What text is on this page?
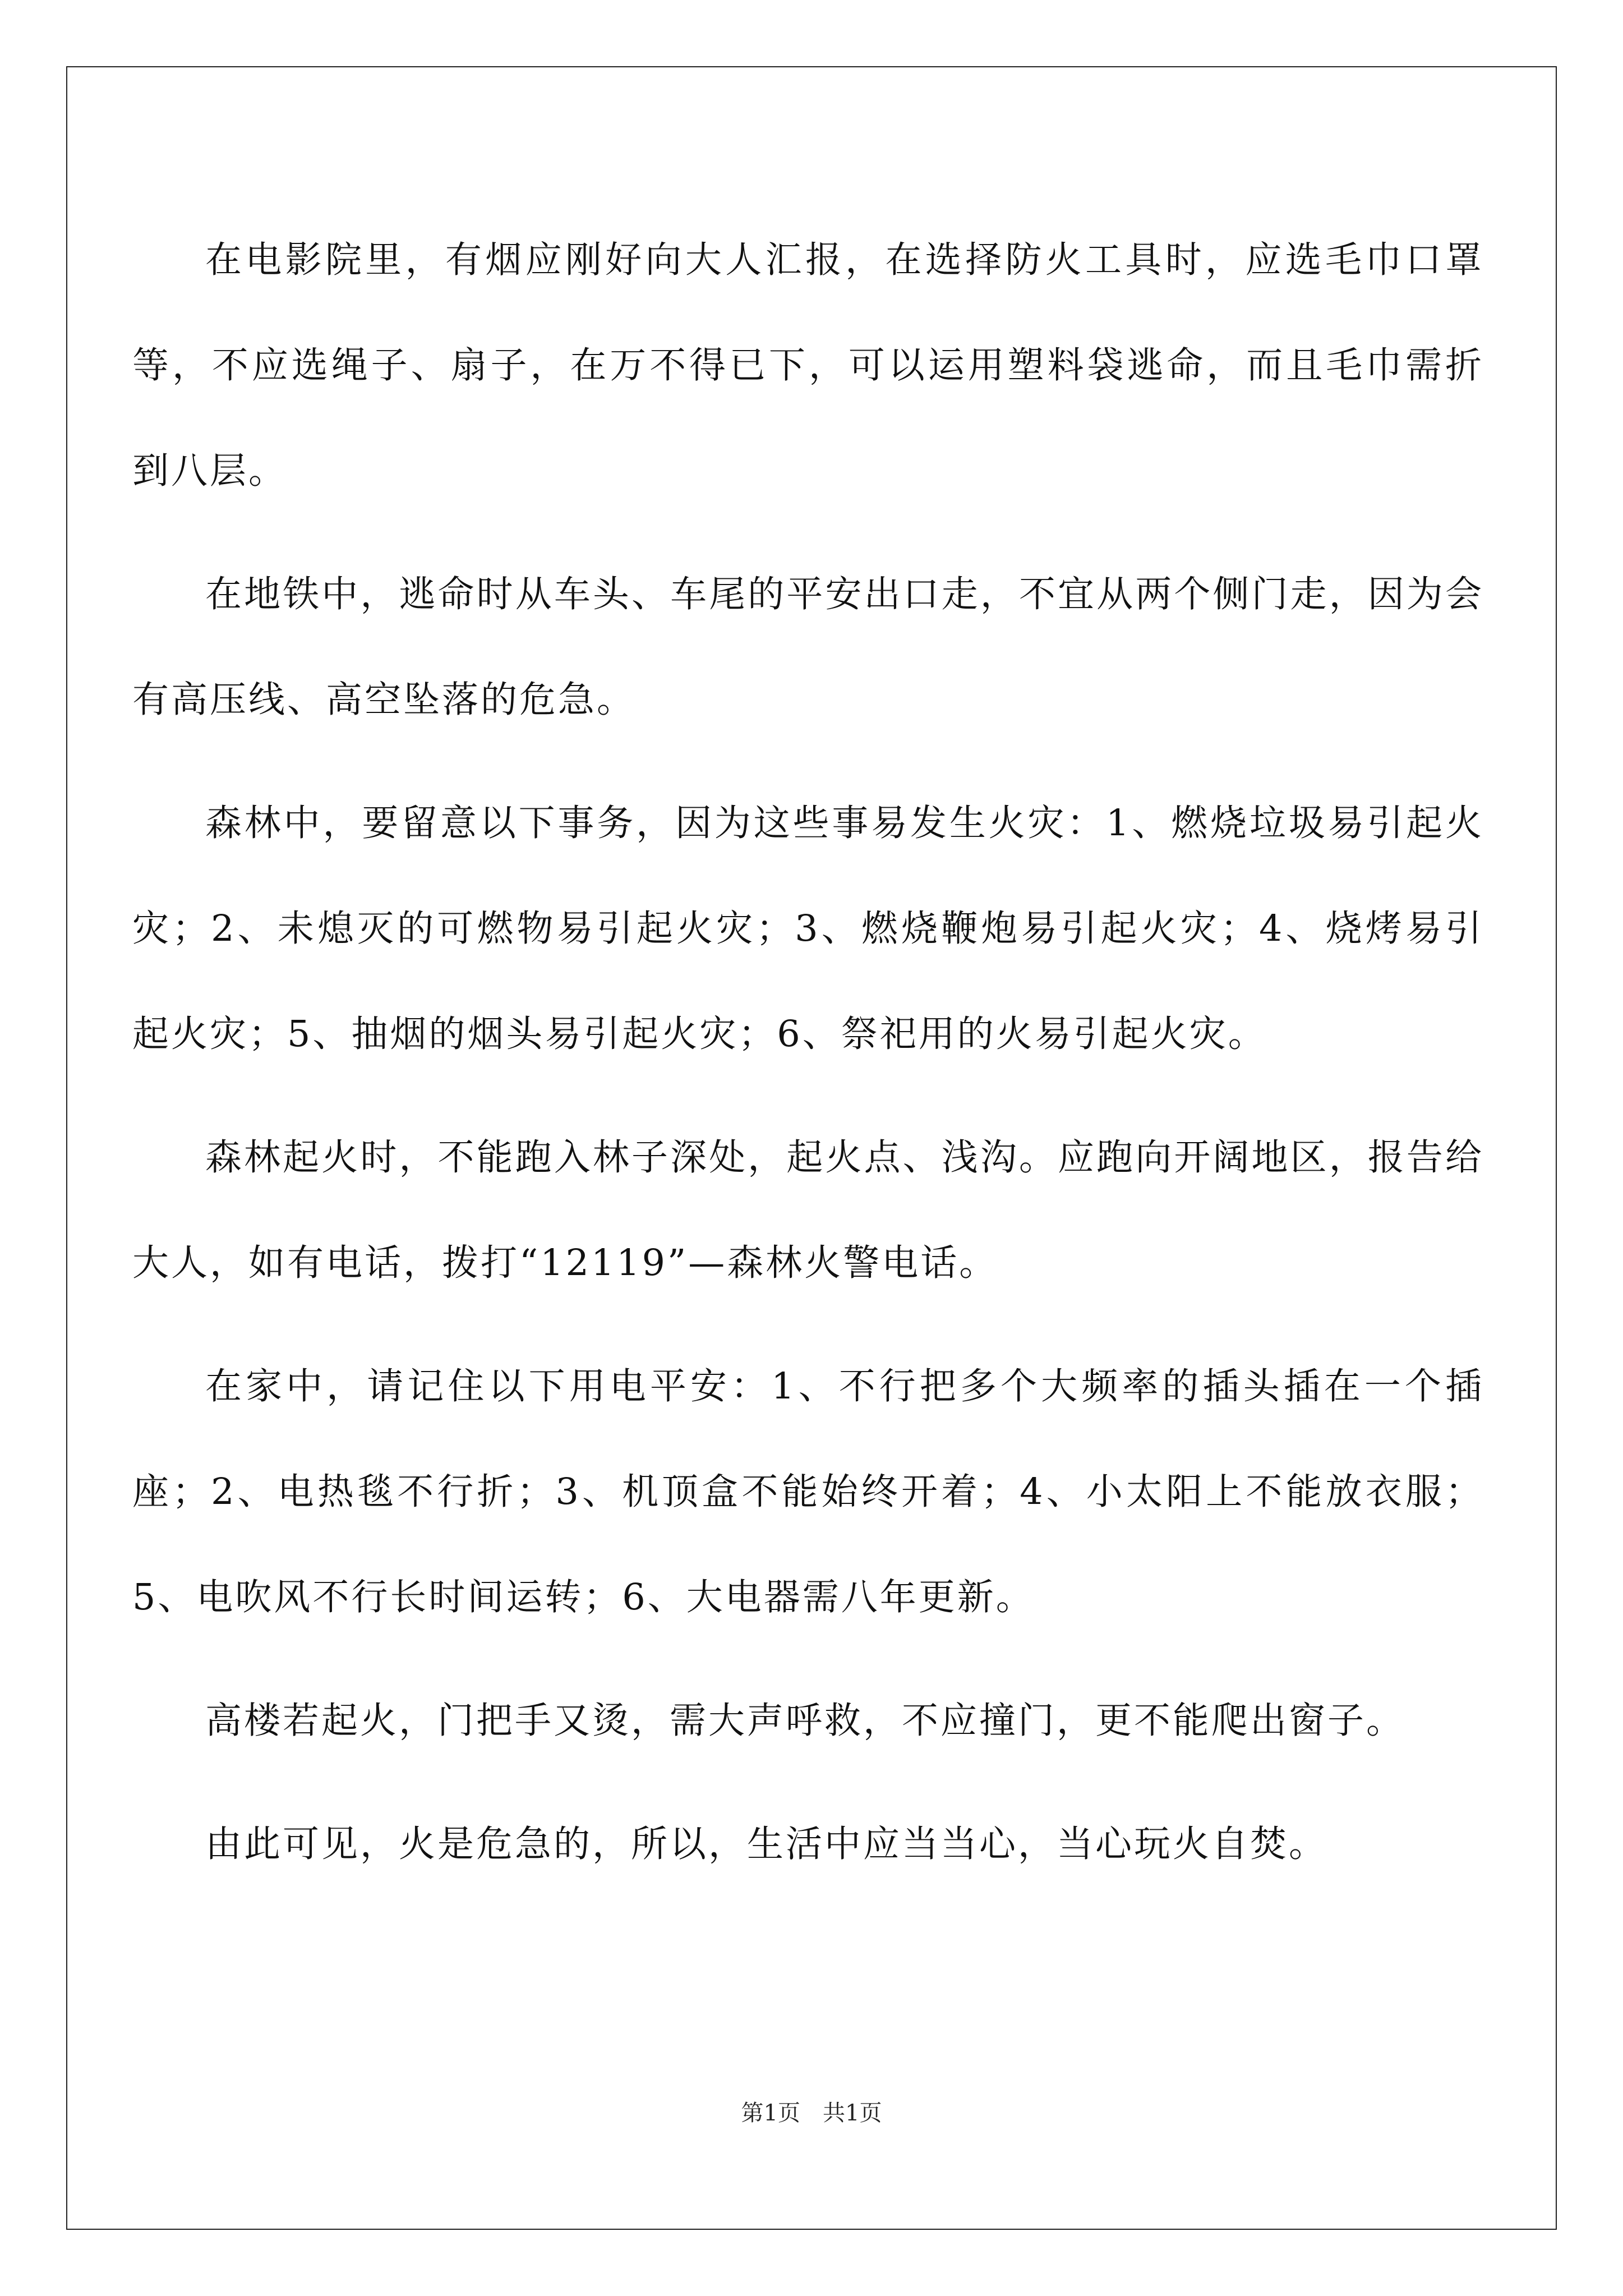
在电影院里，有烟应刚好向大人汇报，在选择防火工具时，应选毛巾口罩等，不应选绳子、扇子，在万不得已下，可以运用塑料袋逃命，而且毛巾需折到八层。

在地铁中，逃命时从车头、车尾的平安出口走，不宜从两个侧门走，因为会有高压线、高空坠落的危急。

森林中，要留意以下事务，因为这些事易发生火灾：1、燃烧垃圾易引起火灾；2、未熄灭的可燃物易引起火灾；3、燃烧鞭炮易引起火灾；4、烧烤易引起火灾；5、抽烟的烟头易引起火灾；6、祭祀用的火易引起火灾。

森林起火时，不能跑入林子深处，起火点、浅沟。应跑向开阔地区，报告给大人，如有电话，拨打“12119”—森林火警电话。

在家中，请记住以下用电平安：1、不行把多个大频率的插头插在一个插座；2、电热毯不行折；3、机顶盒不能始终开着；4、小太阳上不能放衣服；5、电吹风不行长时间运转；6、大电器需八年更新。

高楼若起火，门把手又烫，需大声呼救，不应撞门，更不能爬出窗子。

由此可见，火是危急的，所以，生活中应当当心，当心玩火自焚。

第1页　共1页
